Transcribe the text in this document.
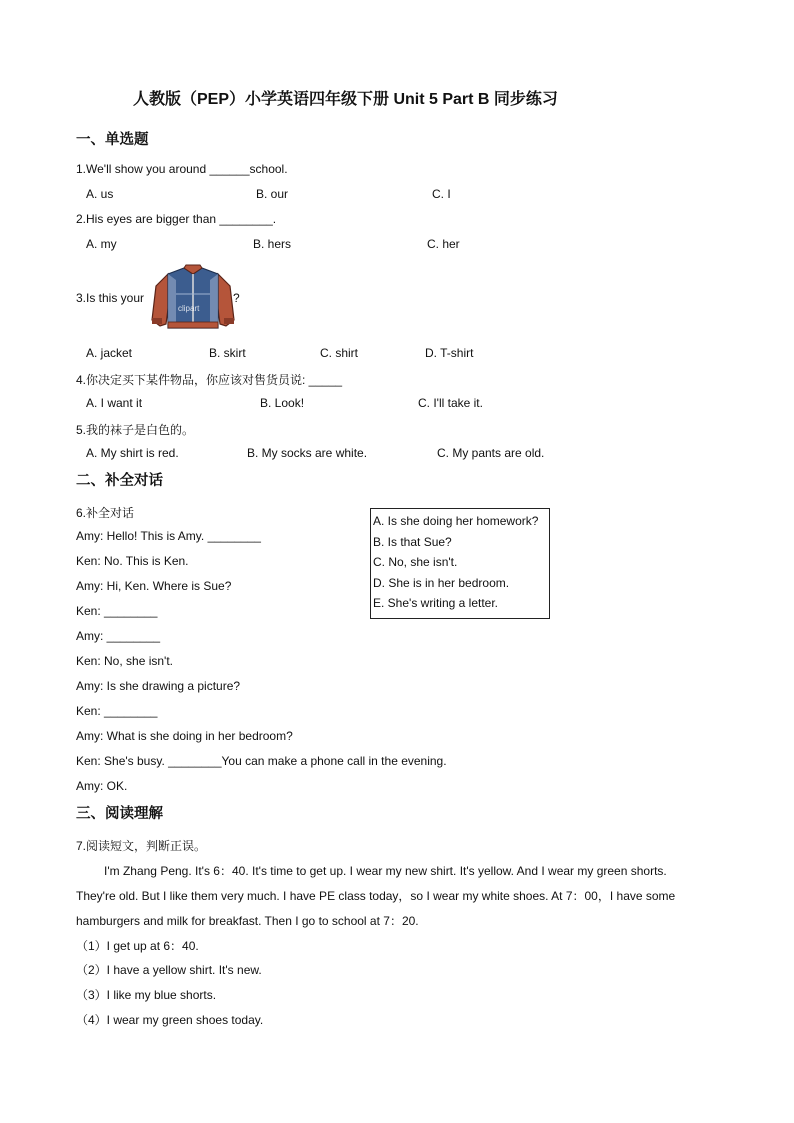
人教版（PEP）小学英语四年级下册 Unit 5 Part B 同步练习
一、单选题
1.We'll show you around ______school.
A. us	B. our	C. I
2.His eyes are bigger than ________.
A. my	B. hers	C. her
3.Is this your
clipart
?
A. jacket	B. skirt	C. shirt	D. T-shirt
4.你决定买下某件物品，你应该对售货员说: _____
A. I want it	B. Look!	C. I'll take it.
5.我的袜子是白色的。
A. My shirt is red.	B. My socks are white.	C. My pants are old.
二、补全对话
6.补全对话
Amy: Hello! This is Amy. ________
Ken: No. This is Ken.
Amy: Hi, Ken. Where is Sue?
Ken: ________
Amy: ________
Ken: No, she isn't.
Amy: Is she drawing a picture?
Ken: ________
Amy: What is she doing in her bedroom?
Ken: She's busy. ________You can make a phone call in the evening.
Amy: OK.
A. Is she doing her homework?
B. Is that Sue?
C. No, she isn't.
D. She is in her bedroom.
E. She's writing a letter.
三、阅读理解
7.阅读短文，判断正误。
I'm Zhang Peng. It's 6：40. It's time to get up. I wear my new shirt. It's yellow. And I wear my green shorts.
They're old. But I like them very much. I have PE class today，so I wear my white shoes. At 7：00，I have some
hamburgers and milk for breakfast. Then I go to school at 7：20.
（1）I get up at 6：40.
（2）I have a yellow shirt. It's new.
（3）I like my blue shorts.
（4）I wear my green shoes today.
